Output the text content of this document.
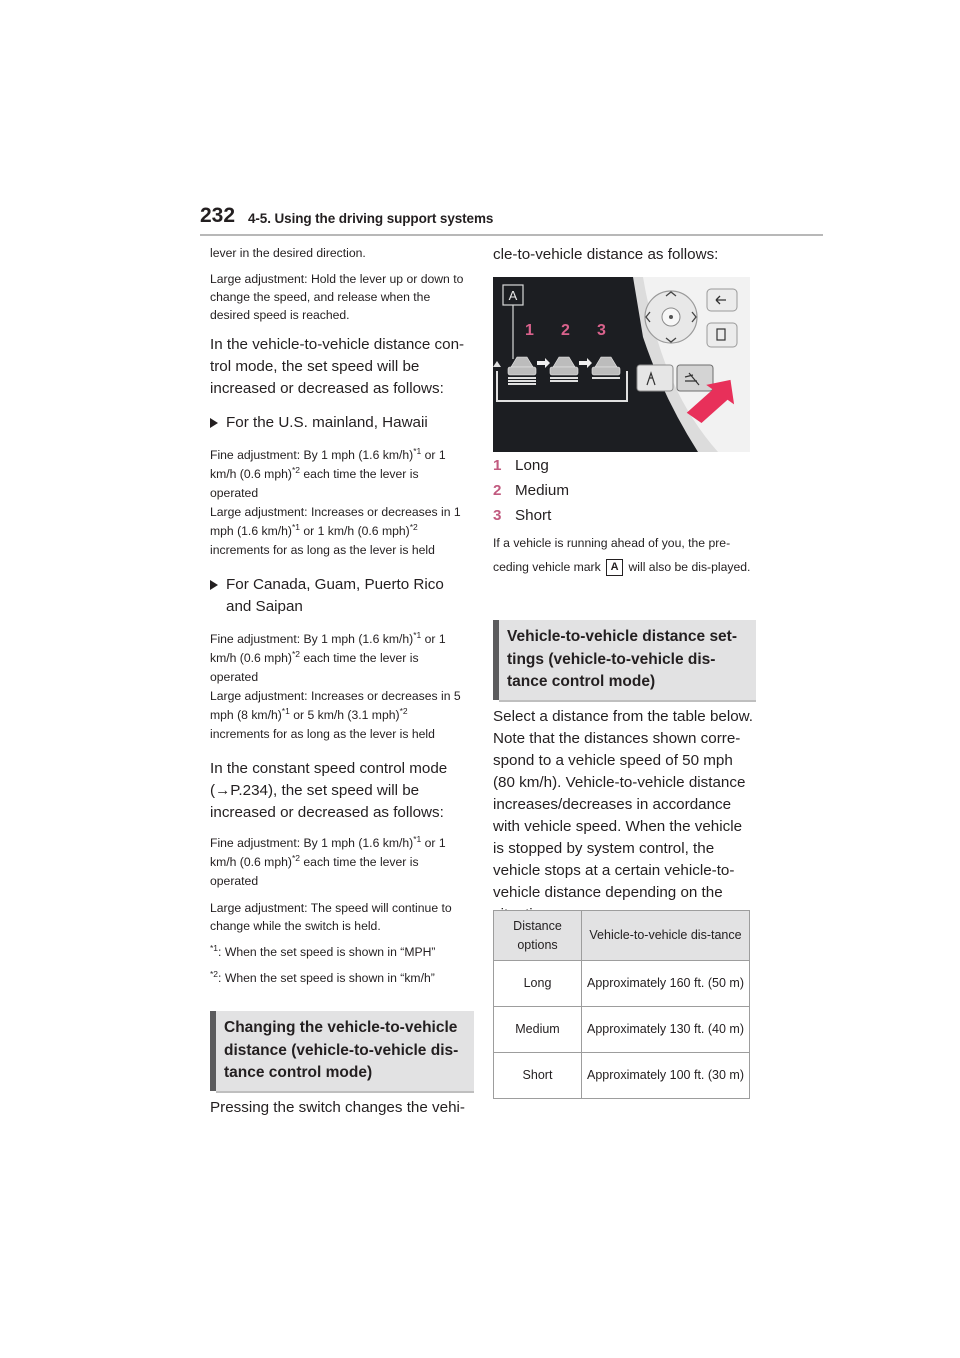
232 4-5. Using the driving support systems

lever in the desired direction.

Large adjustment: Hold the lever up or down to change the speed, and release when the desired speed is reached.

In the vehicle-to-vehicle distance con-trol mode, the set speed will be increased or decreased as follows:

For the U.S. mainland, Hawaii

Fine adjustment: By 1 mph (1.6 km/h)$^{*1}$ or 1 km/h (0.6 mph)$^{*2}$ each time the lever is operated
Large adjustment: Increases or decreases in 1 mph (1.6 km/h)$^{*1}$ or 1 km/h (0.6 mph)$^{*2}$ increments for as long as the lever is held

For Canada, Guam, Puerto Rico and Saipan

Fine adjustment: By 1 mph (1.6 km/h)$^{*1}$ or 1 km/h (0.6 mph)$^{*2}$ each time the lever is operated
Large adjustment: Increases or decreases in 5 mph (8 km/h)$^{*1}$ or 5 km/h (3.1 mph)$^{*2}$ increments for as long as the lever is held

In the constant speed control mode (→P.234), the set speed will be increased or decreased as follows:

Fine adjustment: By 1 mph (1.6 km/h)$^{*1}$ or 1 km/h (0.6 mph)$^{*2}$ each time the lever is operated

Large adjustment: The speed will continue to change while the switch is held.

$^{*1}$: When the set speed is shown in “MPH”

$^{*2}$: When the set speed is shown in “km/h”

Changing the vehicle-to-vehicle distance (vehicle-to-vehicle dis-tance control mode)

Pressing the switch changes the vehi-

cle-to-vehicle distance as follows:

A
1 2 3
1 Long
2 Medium
3 Short

If a vehicle is running ahead of you, the pre-ceding vehicle mark A will also be dis-played.

Vehicle-to-vehicle distance set-tings (vehicle-to-vehicle dis-tance control mode)

Select a distance from the table below. Note that the distances shown corre-spond to a vehicle speed of 50 mph (80 km/h). Vehicle-to-vehicle distance increases/decreases in accordance with vehicle speed. When the vehicle is stopped by system control, the vehicle stops at a certain vehicle-to-vehicle distance depending on the

Distance options	Vehicle-to-vehicle dis-tance
Long	Approximately 160 ft. (50 m)
Medium	Approximately 130 ft. (40 m)
Short	Approximately 100 ft. (30 m)
